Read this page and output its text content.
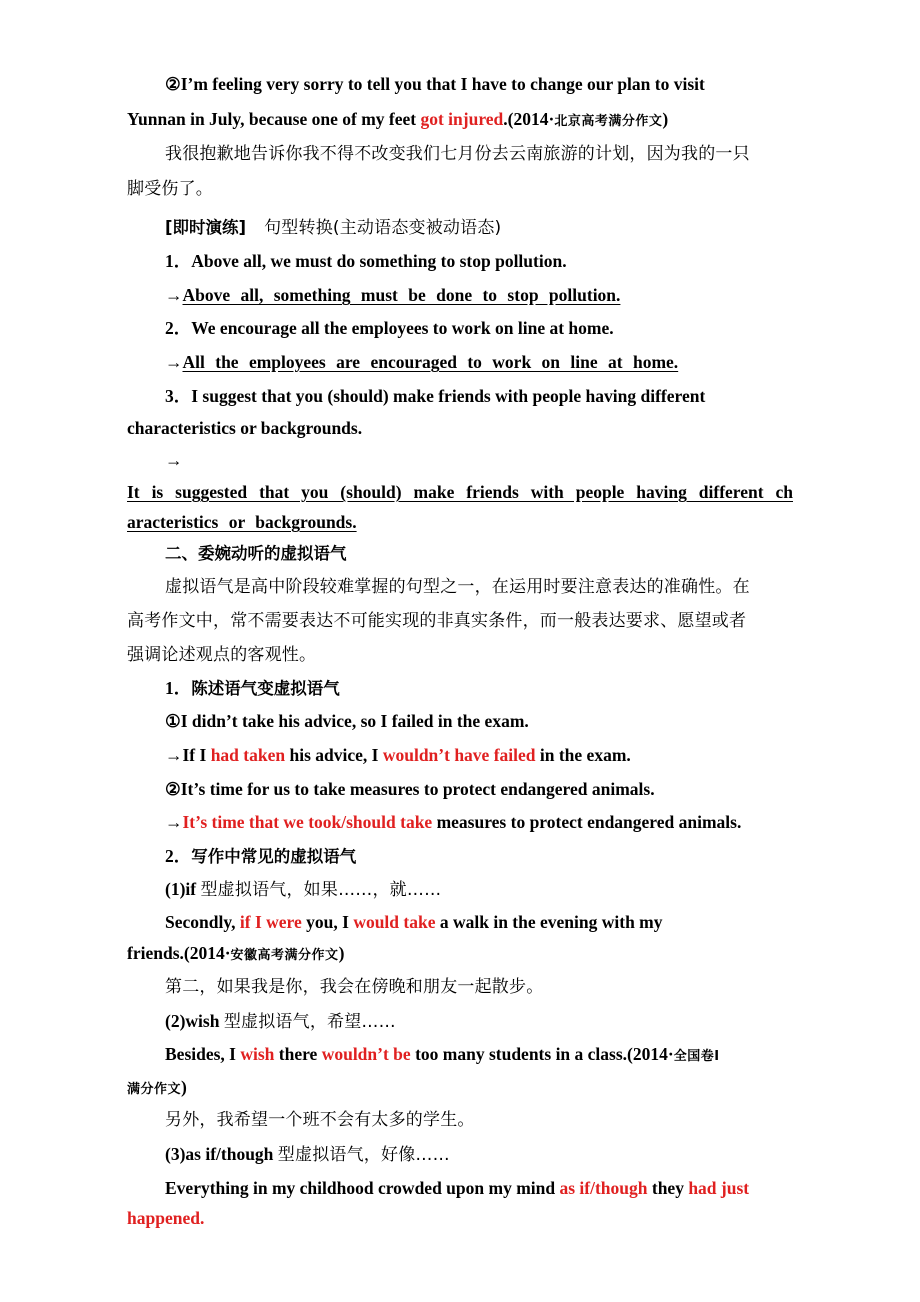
②I’m feeling very sorry to tell you that I have to change our plan to visit
Yunnan in July, because one of my feet got injured.(2014·北京高考满分作文)
我很抱歉地告诉你我不得不改变我们七月份去云南旅游的计划，因为我的一只
脚受伤了。
[即时演练] 句型转换(主动语态变被动语态)
1．Above all, we must do something to stop pollution.
→Above all, something must be done to stop pollution.
2．We encourage all the employees to work on line at home.
→All the employees are encouraged to work on line at home.
3．I suggest that you (should) make friends with people having different
characteristics or backgrounds.
→
It is suggested that you (should) make friends with people having different ch
aracteristics or backgrounds.
二、委婉动听的虚拟语气
虚拟语气是高中阶段较难掌握的句型之一，在运用时要注意表达的准确性。在
高考作文中，常不需要表达不可能实现的非真实条件，而一般表达要求、愿望或者
强调论述观点的客观性。
1．陈述语气变虚拟语气
①I didn’t take his advice, so I failed in the exam.
→If I had taken his advice, I wouldn’t have failed in the exam.
②It’s time for us to take measures to protect endangered animals.
→It’s time that we took/should take measures to protect endangered animals.
2．写作中常见的虚拟语气
(1)if 型虚拟语气，如果……，就……
Secondly, if I were you, I would take a walk in the evening with my
friends.(2014·安徽高考满分作文)
第二，如果我是你，我会在傍晚和朋友一起散步。
(2)wish 型虚拟语气，希望……
Besides, I wish there wouldn’t be too many students in a class.(2014·全国卷Ⅰ
满分作文)
另外，我希望一个班不会有太多的学生。
(3)as if/though 型虚拟语气，好像……
Everything in my childhood crowded upon my mind as if/though they had just
happened.
